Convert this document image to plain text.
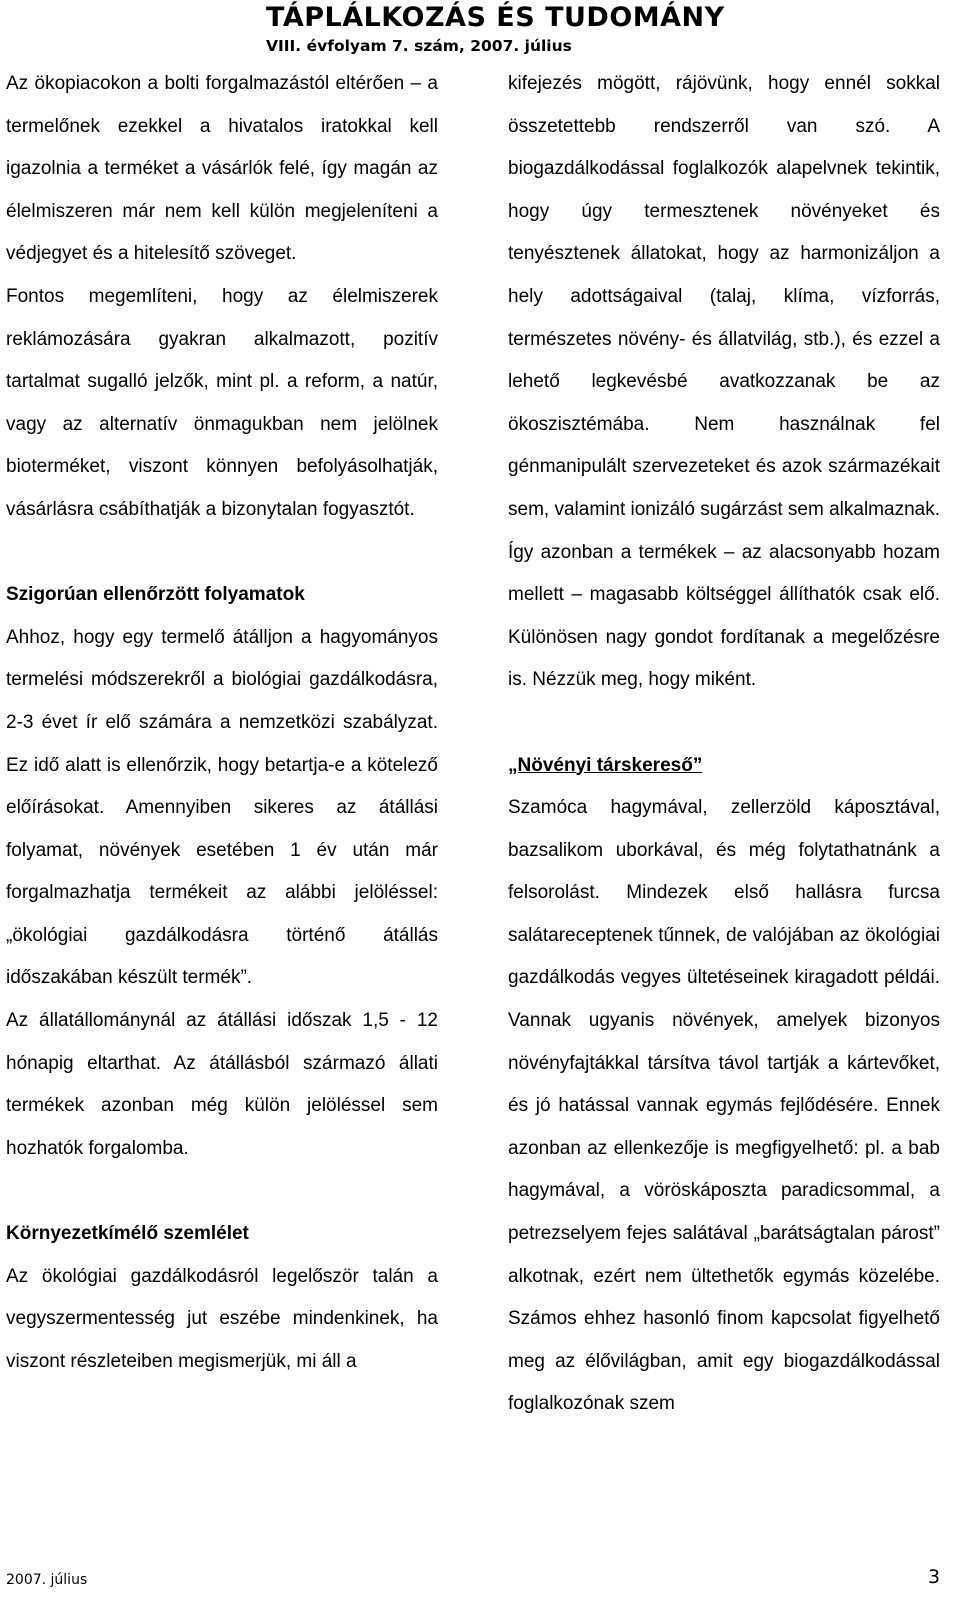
TÁPLÁLKOZÁS ÉS TUDOMÁNY
VIII. évfolyam 7. szám, 2007. július

Az ökopiacokon a bolti forgalmazástól eltérően – a termelőnek ezekkel a hivatalos iratokkal kell igazolnia a terméket a vásárlók felé, így magán az élelmiszeren már nem kell külön megjeleníteni a védjegyet és a hitelesítő szöveget.

Fontos megemlíteni, hogy az élelmiszerek reklámozására gyakran alkalmazott, pozitív tartalmat sugalló jelzők, mint pl. a reform, a natúr, vagy az alternatív önmagukban nem jelölnek bioterméket, viszont könnyen befolyásolhatják, vásárlásra csábíthatják a bizonytalan fogyasztót.

Szigorúan ellenőrzött folyamatok

Ahhoz, hogy egy termelő átálljon a hagyományos termelési módszerekről a biológiai gazdálkodásra, 2-3 évet ír elő számára a nemzetközi szabályzat. Ez idő alatt is ellenőrzik, hogy betartja-e a kötelező előírásokat. Amennyiben sikeres az átállási folyamat, növények esetében 1 év után már forgalmazhatja termékeit az alábbi jelöléssel: „ökológiai gazdálkodásra történő átállás időszakában készült termék”.

Az állatállománynál az átállási időszak 1,5 - 12 hónapig eltarthat. Az átállásból származó állati termékek azonban még külön jelöléssel sem hozhatók forgalomba.

Környezetkímélő szemlélet

Az ökológiai gazdálkodásról legelőször talán a vegyszermentesség jut eszébe mindenkinek, ha viszont részleteiben megismerjük, mi áll a

kifejezés mögött, rájövünk, hogy ennél sokkal összetettebb rendszerről van szó. A biogazdálkodással foglalkozók alapelvnek tekintik, hogy úgy termesztenek növényeket és tenyésztenek állatokat, hogy az harmonizáljon a hely adottságaival (talaj, klíma, vízforrás, természetes növény- és állatvilág, stb.), és ezzel a lehető legkevésbé avatkozzanak be az ökoszisztémába. Nem használnak fel génmanipulált szervezeteket és azok származékait sem, valamint ionizáló sugárzást sem alkalmaznak. Így azonban a termékek – az alacsonyabb hozam mellett – magasabb költséggel állíthatók csak elő. Különösen nagy gondot fordítanak a megelőzésre is. Nézzük meg, hogy miként.

„Növényi társkereső”

Szamóca hagymával, zellerzöld káposztával, bazsalikom uborkával, és még folytathatnánk a felsorolást. Mindezek első hallásra furcsa salátareceptenek tűnnek, de valójában az ökológiai gazdálkodás vegyes ültetéseinek kiragadott példái. Vannak ugyanis növények, amelyek bizonyos növényfajtákkal társítva távol tartják a kártevőket, és jó hatással vannak egymás fejlődésére. Ennek azonban az ellenkezője is megfigyelhető: pl. a bab hagymával, a vöröskáposzta paradicsommal, a petrezselyem fejes salátával „barátságtalan párost” alkotnak, ezért nem ültethetők egymás közelébe. Számos ehhez hasonló finom kapcsolat figyelhető meg az élővilágban, amit egy biogazdálkodással foglalkozónak szem

2007. július	3
